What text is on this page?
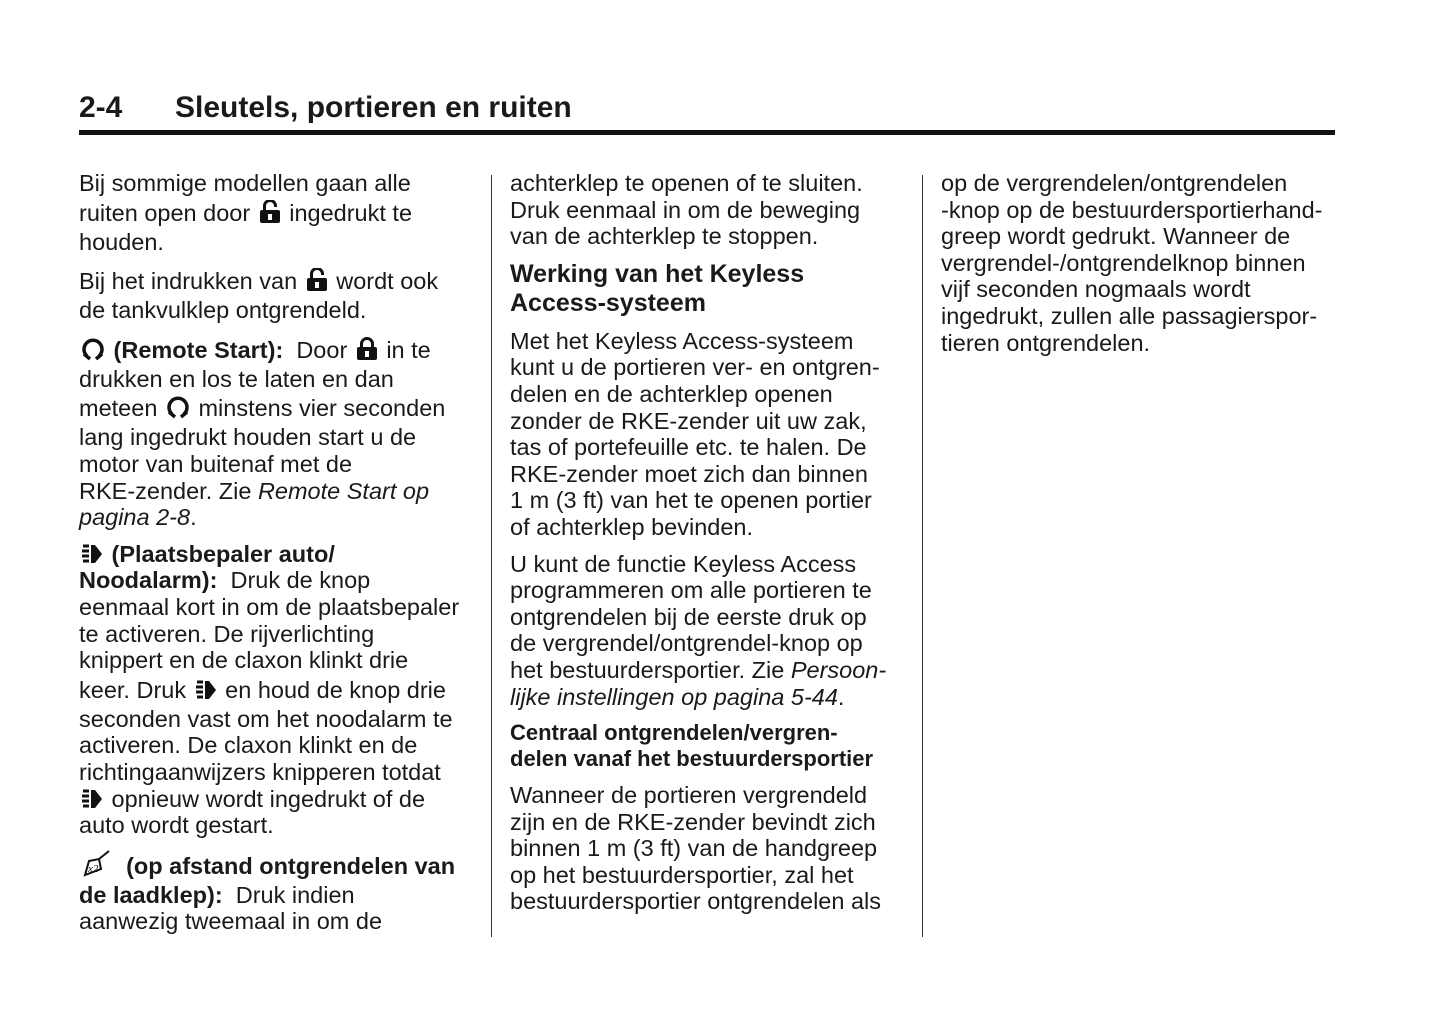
2-4 Sleutels, portieren en ruiten

Bij sommige modellen gaan alle
ruiten open door ingedrukt te
houden.

Bij het indrukken van wordt ook
de tankvulklep ontgrendeld.

(Remote Start): Door in te
drukken en los te laten en dan
meteen minstens vier seconden
lang ingedrukt houden start u de
motor van buitenaf met de
RKE-zender. Zie Remote Start op
pagina 2-8.

(Plaatsbepaler auto/
Noodalarm): Druk de knop
eenmaal kort in om de plaatsbepaler
te activeren. De rijverlichting
knippert en de claxon klinkt drie
keer. Druk en houd de knop drie
seconden vast om het noodalarm te
activeren. De claxon klinkt en de
richtingaanwijzers knipperen totdat
opnieuw wordt ingedrukt of de
auto wordt gestart.

x2 (op afstand ontgrendelen van
de laadklep): Druk indien
aanwezig tweemaal in om de

achterklep te openen of te sluiten.
Druk eenmaal in om de beweging
van de achterklep te stoppen.

Werking van het Keyless
Access-systeem

Met het Keyless Access-systeem
kunt u de portieren ver- en ontgren-
delen en de achterklep openen
zonder de RKE-zender uit uw zak,
tas of portefeuille etc. te halen. De
RKE-zender moet zich dan binnen
1 m (3 ft) van het te openen portier
of achterklep bevinden.

U kunt de functie Keyless Access
programmeren om alle portieren te
ontgrendelen bij de eerste druk op
de vergrendel/ontgrendel-knop op
het bestuurdersportier. Zie Persoon-
lijke instellingen op pagina 5-44.

Centraal ontgrendelen/vergren-
delen vanaf het bestuurdersportier

Wanneer de portieren vergrendeld
zijn en de RKE-zender bevindt zich
binnen 1 m (3 ft) van de handgreep
op het bestuurdersportier, zal het
bestuurdersportier ontgrendelen als

op de vergrendelen/ontgrendelen
-knop op de bestuurdersportierhand-
greep wordt gedrukt. Wanneer de
vergrendel-/ontgrendelknop binnen
vijf seconden nogmaals wordt
ingedrukt, zullen alle passagierspor-
tieren ontgrendelen.
